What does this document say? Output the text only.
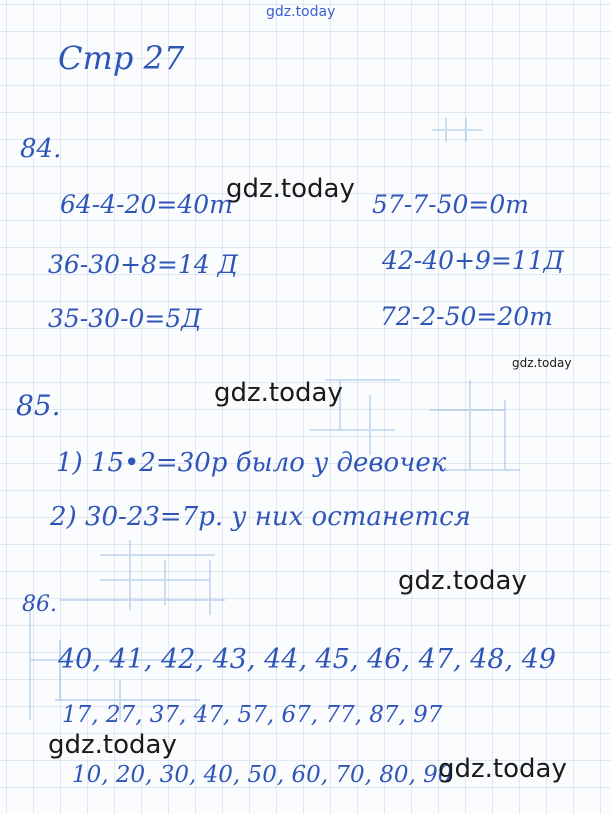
gdz.today
Стр 27
84.
64-4-20=40т
36-30+8=14 Д
35-30-0=5Д
57-7-50=0т
42-40+9=11Д
72-2-50=20т
gdz.today
gdz.today
85.	gdz.today
1) 15•2=30р было у девочек
2) 30-23=7р. у них останется
gdz.today
86.
40, 41, 42, 43, 44, 45, 46, 47, 48, 49
17, 27, 37, 47, 57, 67, 77, 87, 97
gdz.today
10, 20, 30, 40, 50, 60, 70, 80, 90
gdz.today
